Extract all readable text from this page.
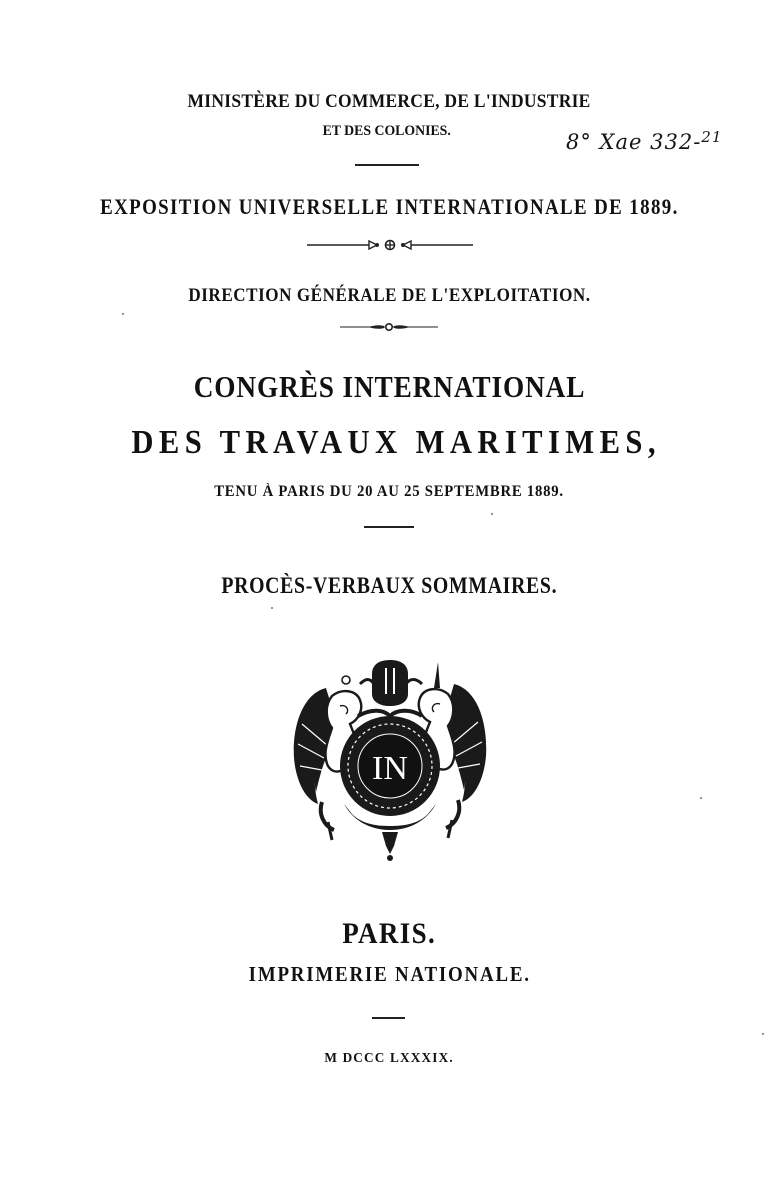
MINISTÈRE DU COMMERCE, DE L'INDUSTRIE
ET DES COLONIES.	8° Xae 332-$^{21}$
EXPOSITION UNIVERSELLE INTERNATIONALE DE 1889.
DIRECTION GÉNÉRALE DE L'EXPLOITATION.
CONGRÈS INTERNATIONAL
DES TRAVAUX MARITIMES,
TENU À PARIS DU 20 AU 25 SEPTEMBRE 1889.
PROCÈS-VERBAUX SOMMAIRES.
IN
PARIS.
IMPRIMERIE NATIONALE.
M DCCC LXXXIX.
